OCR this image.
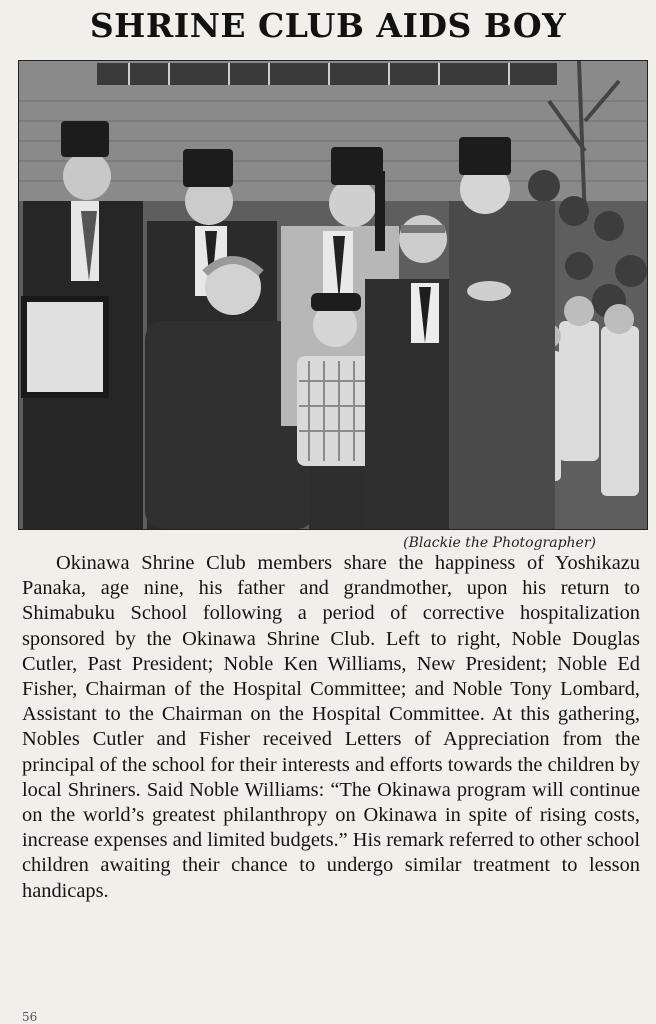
SHRINE CLUB AIDS BOY
(Blackie the Photographer)

Okinawa Shrine Club members share the happiness of Yoshikazu Panaka, age nine, his father and grandmother, upon his return to Shimabuku School following a period of corrective hospitalization sponsored by the Okinawa Shrine Club. Left to right, Noble Douglas Cutler, Past President; Noble Ken Williams, New President; Noble Ed Fisher, Chairman of the Hospital Committee; and Noble Tony Lombard, Assistant to the Chairman on the Hospital Committee. At this gathering, Nobles Cutler and Fisher received Letters of Appreciation from the principal of the school for their interests and efforts towards the children by local Shriners. Said Noble Williams: “The Okinawa program will continue on the world’s greatest philanthropy on Okinawa in spite of rising costs, increase expenses and limited budgets.” His remark referred to other school children awaiting their chance to undergo similar treatment to lesson handicaps.

56
